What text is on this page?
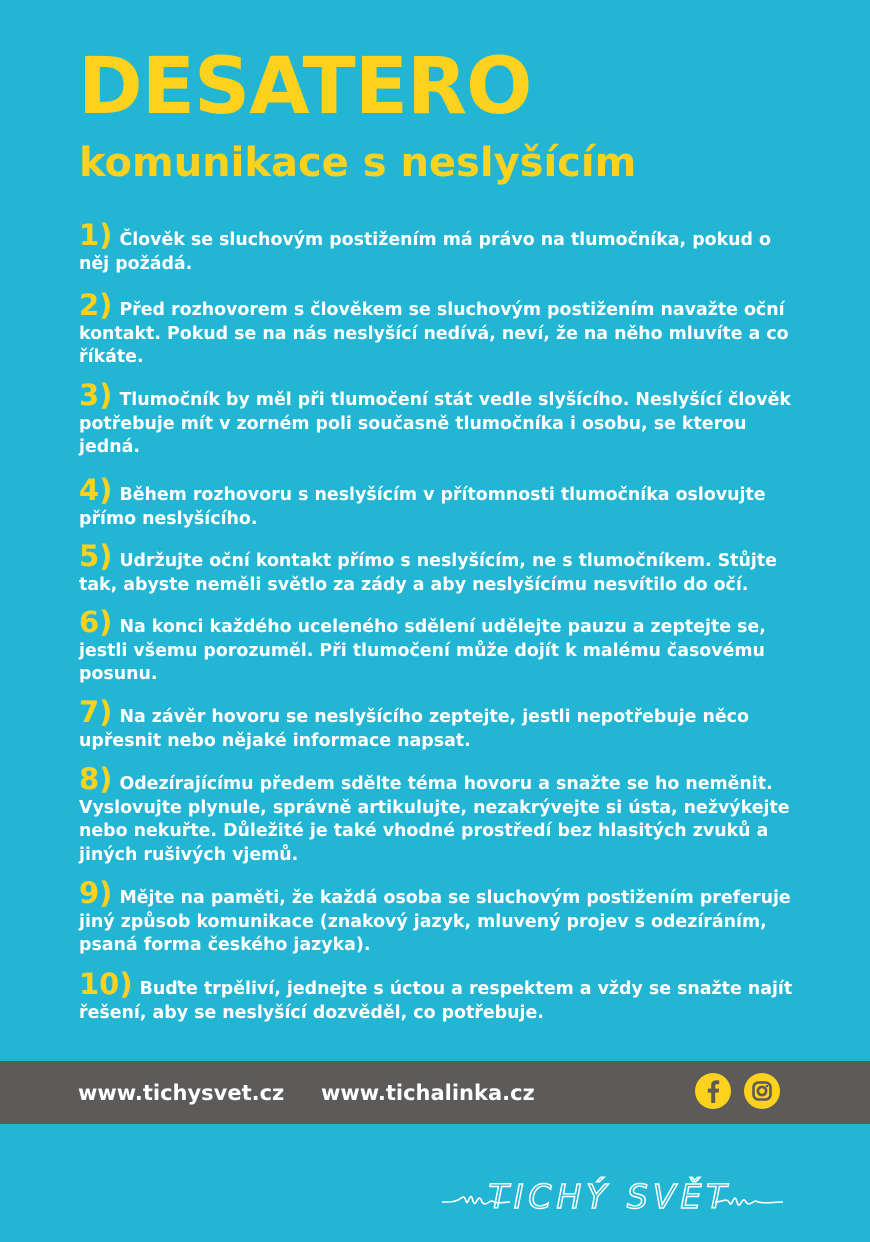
DESATERO
komunikace s neslyšícím
1) Člověk se sluchovým postižením má právo na tlumočníka, pokud o něj požádá.
2) Před rozhovorem s člověkem se sluchovým postižením navažte oční kontakt. Pokud se na nás neslyšící nedívá, neví, že na něho mluvíte a co říkáte.
3) Tlumočník by měl při tlumočení stát vedle slyšícího. Neslyšící člověk potřebuje mít v zorném poli současně tlumočníka i osobu, se kterou jedná.
4) Během rozhovoru s neslyšícím v přítomnosti tlumočníka oslovujte přímo neslyšícího.
5) Udržujte oční kontakt přímo s neslyšícím, ne s tlumočníkem. Stůjte tak, abyste neměli světlo za zády a aby neslyšícímu nesvítilo do očí.
6) Na konci každého uceleného sdělení udělejte pauzu a zeptejte se, jestli všemu porozuměl. Při tlumočení může dojít k malému časovému posunu.
7) Na závěr hovoru se neslyšícího zeptejte, jestli nepotřebuje něco upřesnit nebo nějaké informace napsat.
8) Odezírajícímu předem sdělte téma hovoru a snažte se ho neměnit. Vyslovujte plynule, správně artikulujte, nezakrývejte si ústa, nežvýkejte nebo nekuřte. Důležité je také vhodné prostředí bez hlasitých zvuků a jiných rušivých vjemů.
9) Mějte na paměti, že každá osoba se sluchovým postižením preferuje jiný způsob komunikace (znakový jazyk, mluvený projev s odezíráním, psaná forma českého jazyka).
10) Buďte trpěliví, jednejte s úctou a respektem a vždy se snažte najít řešení, aby se neslyšící dozvěděl, co potřebuje.
www.tichysvet.cz www.tichalinka.cz
TICHÝ SVĚT
